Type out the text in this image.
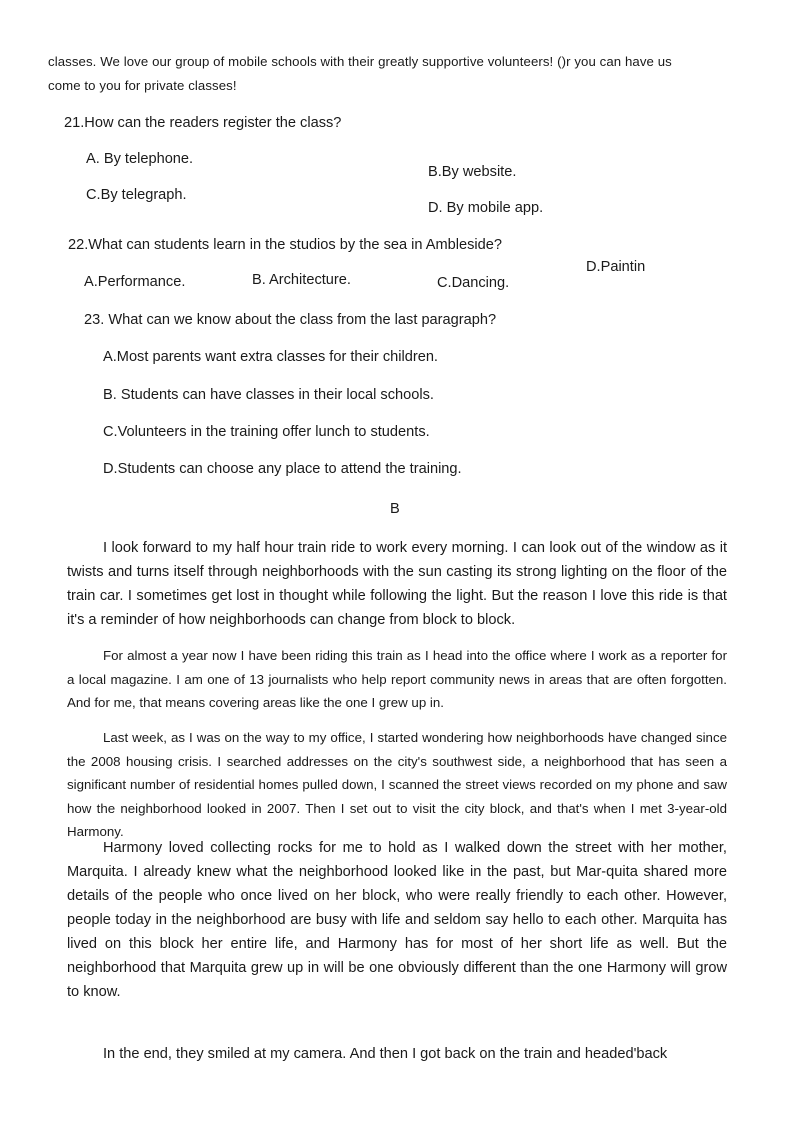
classes. We love our group of mobile schools with their greatly supportive volunteers! ()r you can have us
come to you for private classes!
21.How can the readers register the class?
A. By telephone.
B.By website.
C.By telegraph.
D. By mobile app.
22.What can students learn in the studios by the sea in Ambleside?
D.Paintin
B. Architecture.
A.Performance.	C.Dancing.
23. What can we know about the class from the last paragraph?
A.Most parents want extra classes for their children.
B. Students can have classes in their local schools.
C.Volunteers in the training offer lunch to students.
D.Students can choose any place to attend the training.
B

I look forward to my half hour train ride to work every morning. I can look out of the window as it twists and turns itself through neighborhoods with the sun casting its strong lighting on the floor of the train car. I sometimes get lost in thought while following the light. But the reason I love this ride is that it's a reminder of how neighborhoods can change from block to block.

For almost a year now I have been riding this train as I head into the office where I work as a reporter for a local magazine. I am one of 13 journalists who help report community news in areas that are often forgotten. And for me, that means covering areas like the one I grew up in.

Last week, as I was on the way to my office, I started wondering how neighborhoods have changed since the 2008 housing crisis. I searched addresses on the city's southwest side, a neighborhood that has seen a significant number of residential homes pulled down, I scanned the street views recorded on my phone and saw how the neighborhood looked in 2007. Then I set out to visit the city block, and that's when I met 3-year-old Harmony.

Harmony loved collecting rocks for me to hold as I walked down the street with her mother, Marquita. I already knew what the neighborhood looked like in the past, but Mar-quita shared more details of the people who once lived on her block, who were really friendly to each other. However, people today in the neighborhood are busy with life and seldom say hello to each other. Marquita has lived on this block her entire life, and Harmony has for most of her short life as well. But the neighborhood that Marquita grew up in will be one obviously different than the one Harmony will grow to know.

In the end, they smiled at my camera. And then I got back on the train and headed'back
